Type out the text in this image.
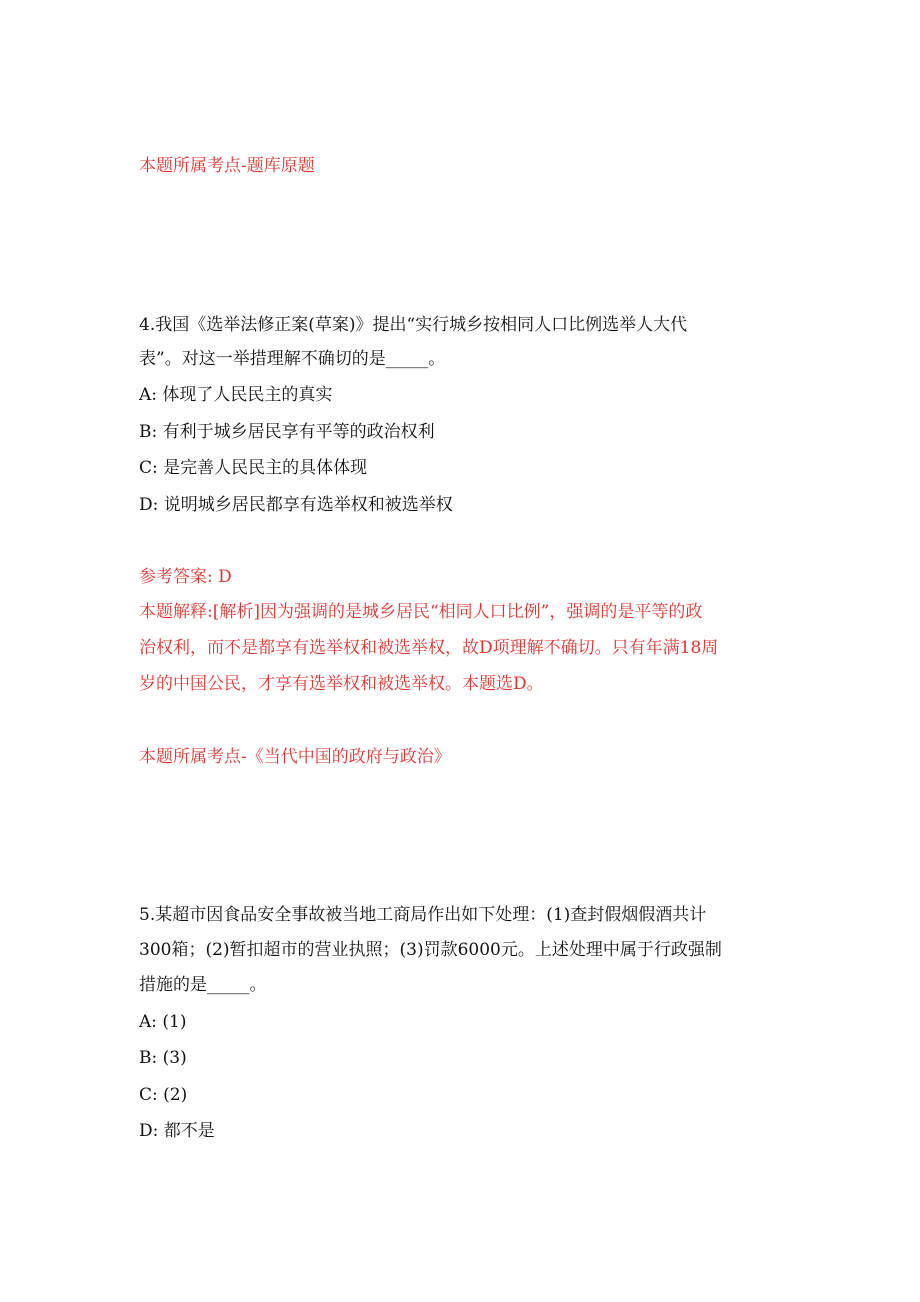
本题所属考点-题库原题
4.我国《选举法修正案(草案)》提出“实行城乡按相同人口比例选举人大代
表”。对这一举措理解不确切的是_____。
A: 体现了人民民主的真实
B: 有利于城乡居民享有平等的政治权利
C: 是完善人民民主的具体体现
D: 说明城乡居民都享有选举权和被选举权
参考答案: D
本题解释:[解析]因为强调的是城乡居民“相同人口比例”，强调的是平等的政
治权利，而不是都享有选举权和被选举权，故D项理解不确切。只有年满18周
岁的中国公民，才享有选举权和被选举权。本题选D。
本题所属考点-《当代中国的政府与政治》
5.某超市因食品安全事故被当地工商局作出如下处理：(1)查封假烟假酒共计
300箱；(2)暂扣超市的营业执照；(3)罚款6000元。上述处理中属于行政强制
措施的是_____。
A: (1)
B: (3)
C: (2)
D: 都不是
